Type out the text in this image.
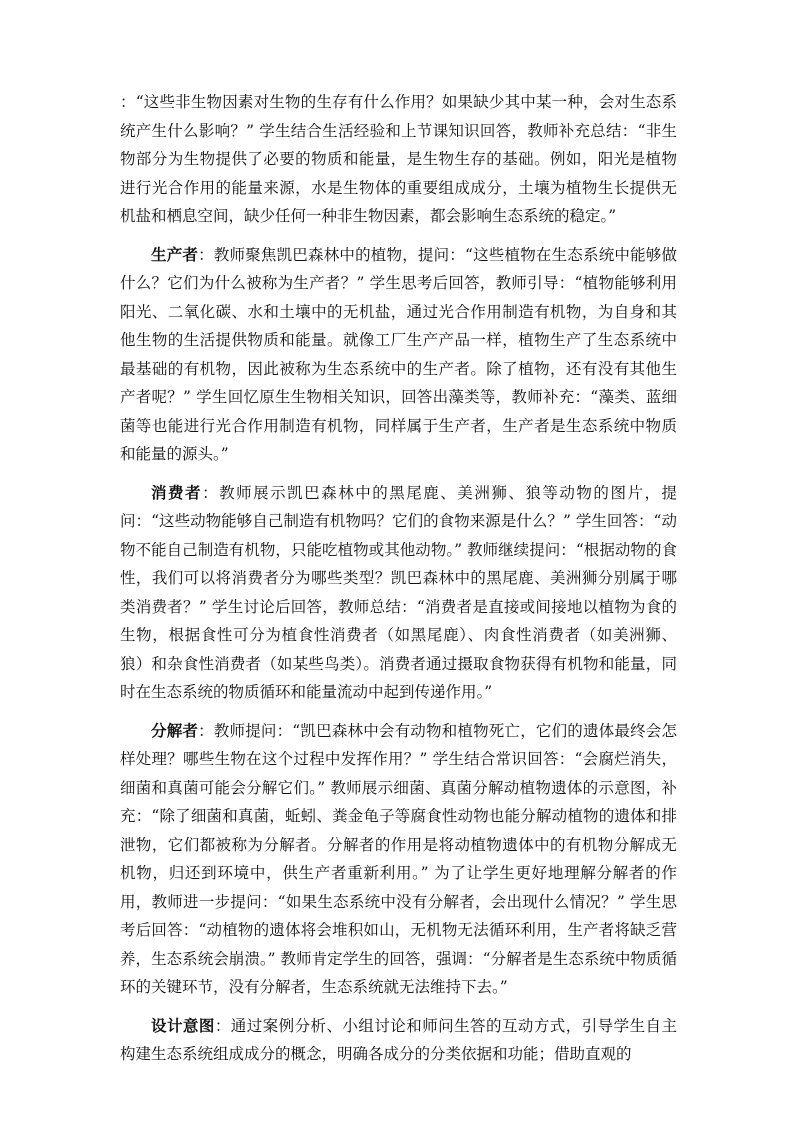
：“这些非生物因素对生物的生存有什么作用？如果缺少其中某一种，会对生态系统产生什么影响？” 学生结合生活经验和上节课知识回答，教师补充总结：“非生物部分为生物提供了必要的物质和能量，是生物生存的基础。例如，阳光是植物进行光合作用的能量来源，水是生物体的重要组成成分，土壤为植物生长提供无机盐和栖息空间，缺少任何一种非生物因素，都会影响生态系统的稳定。”

生产者：教师聚焦凯巴森林中的植物，提问：“这些植物在生态系统中能够做什么？它们为什么被称为生产者？” 学生思考后回答，教师引导：“植物能够利用阳光、二氧化碳、水和土壤中的无机盐，通过光合作用制造有机物，为自身和其他生物的生活提供物质和能量。就像工厂生产产品一样，植物生产了生态系统中最基础的有机物，因此被称为生态系统中的生产者。除了植物，还有没有其他生产者呢？” 学生回忆原生生物相关知识，回答出藻类等，教师补充：“藻类、蓝细菌等也能进行光合作用制造有机物，同样属于生产者，生产者是生态系统中物质和能量的源头。”

消费者：教师展示凯巴森林中的黑尾鹿、美洲狮、狼等动物的图片，提问：“这些动物能够自己制造有机物吗？它们的食物来源是什么？” 学生回答：“动物不能自己制造有机物，只能吃植物或其他动物。” 教师继续提问：“根据动物的食性，我们可以将消费者分为哪些类型？凯巴森林中的黑尾鹿、美洲狮分别属于哪类消费者？” 学生讨论后回答，教师总结：“消费者是直接或间接地以植物为食的生物，根据食性可分为植食性消费者（如黑尾鹿）、肉食性消费者（如美洲狮、狼）和杂食性消费者（如某些鸟类）。消费者通过摄取食物获得有机物和能量，同时在生态系统的物质循环和能量流动中起到传递作用。”

分解者：教师提问：“凯巴森林中会有动物和植物死亡，它们的遗体最终会怎样处理？哪些生物在这个过程中发挥作用？” 学生结合常识回答：“会腐烂消失，细菌和真菌可能会分解它们。” 教师展示细菌、真菌分解动植物遗体的示意图，补充：“除了细菌和真菌，蚯蚓、粪金龟子等腐食性动物也能分解动植物的遗体和排泄物，它们都被称为分解者。分解者的作用是将动植物遗体中的有机物分解成无机物，归还到环境中，供生产者重新利用。” 为了让学生更好地理解分解者的作用，教师进一步提问：“如果生态系统中没有分解者，会出现什么情况？” 学生思考后回答：“动植物的遗体将会堆积如山，无机物无法循环利用，生产者将缺乏营养，生态系统会崩溃。” 教师肯定学生的回答，强调：“分解者是生态系统中物质循环的关键环节，没有分解者，生态系统就无法维持下去。”

设计意图：通过案例分析、小组讨论和师问生答的互动方式，引导学生自主构建生态系统组成成分的概念，明确各成分的分类依据和功能；借助直观的
